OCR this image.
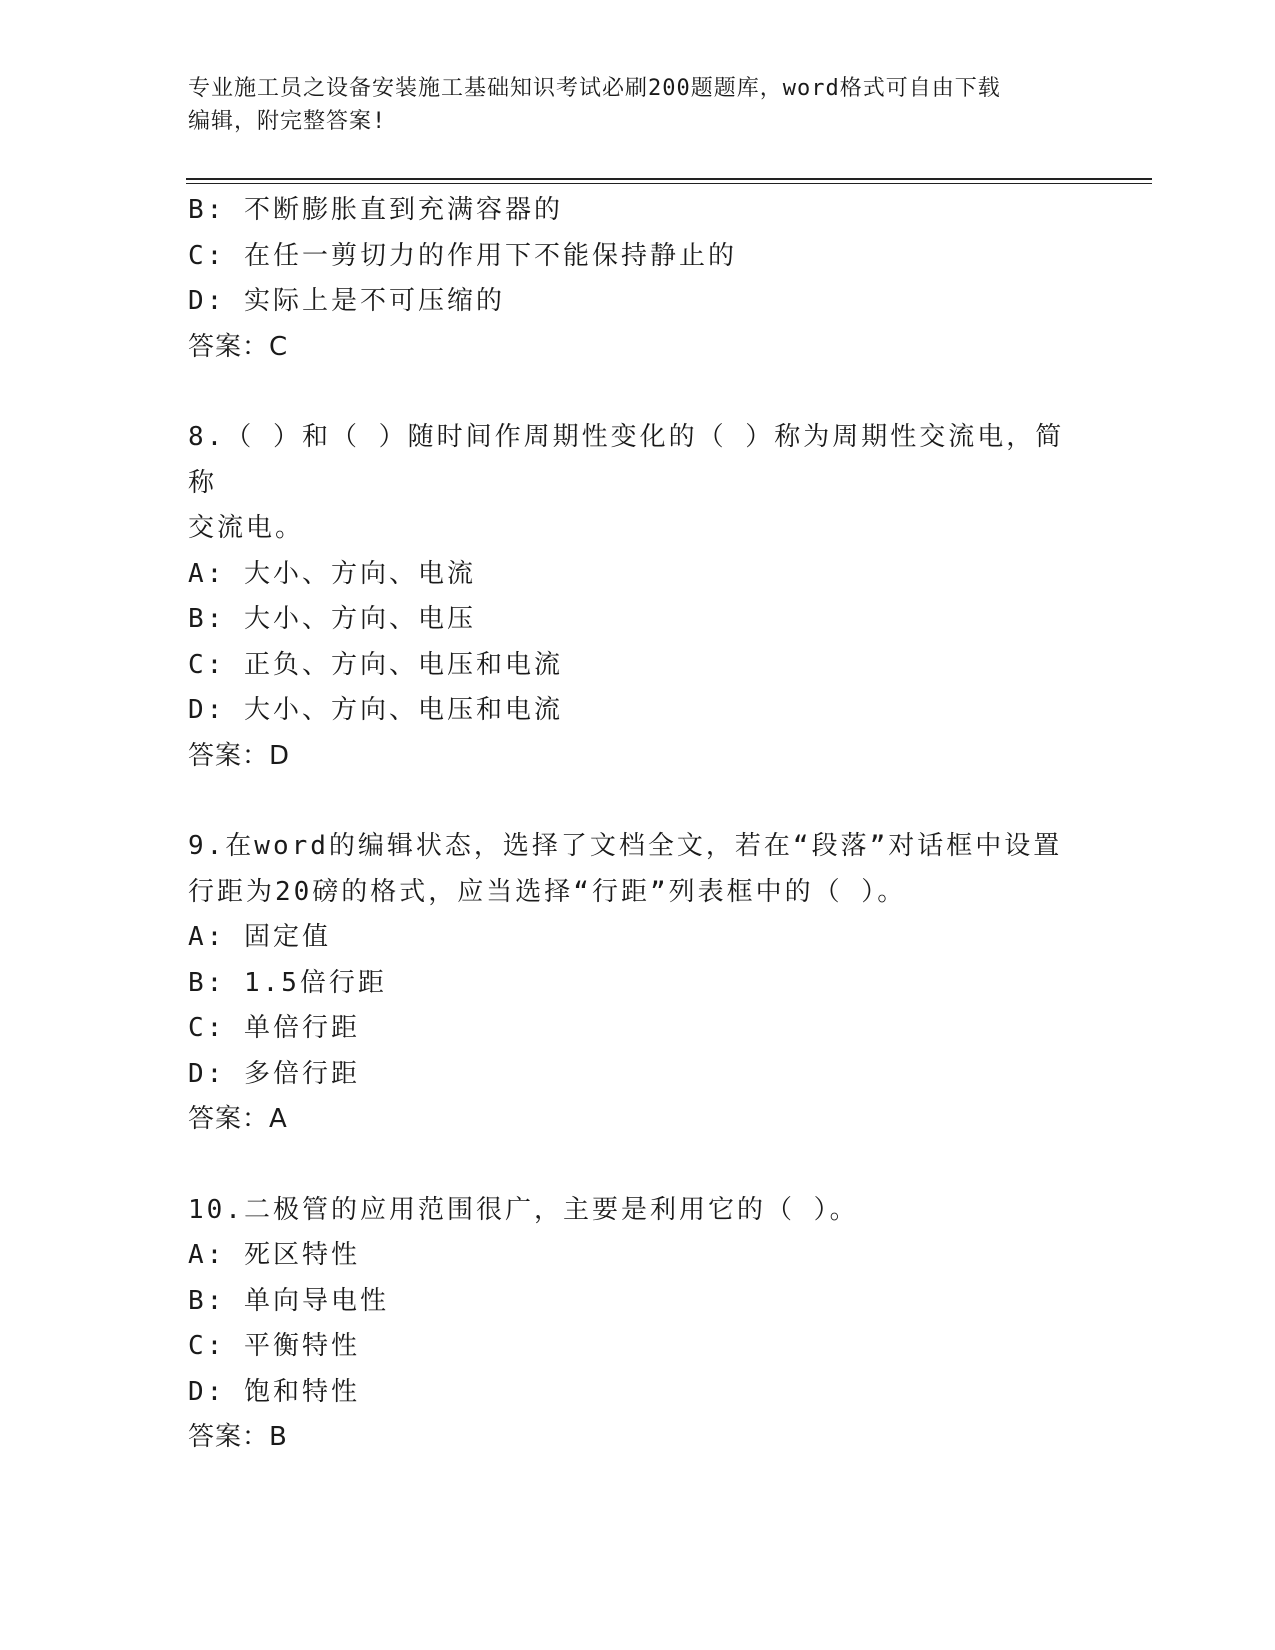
专业施工员之设备安装施工基础知识考试必刷200题题库，word格式可自由下载
编辑，附完整答案!
B: 不断膨胀直到充满容器的
C: 在任一剪切力的作用下不能保持静止的
D: 实际上是不可压缩的
答案：C
8.（ ）和（ ）随时间作周期性变化的（ ）称为周期性交流电，简称
交流电。
A: 大小、方向、电流
B: 大小、方向、电压
C: 正负、方向、电压和电流
D: 大小、方向、电压和电流
答案：D
9.在word的编辑状态，选择了文档全文，若在“段落”对话框中设置
行距为20磅的格式，应当选择“行距”列表框中的（ ）。
A: 固定值
B: 1.5倍行距
C: 单倍行距
D: 多倍行距
答案：A
10.二极管的应用范围很广，主要是利用它的（ ）。
A: 死区特性
B: 单向导电性
C: 平衡特性
D: 饱和特性
答案：B
